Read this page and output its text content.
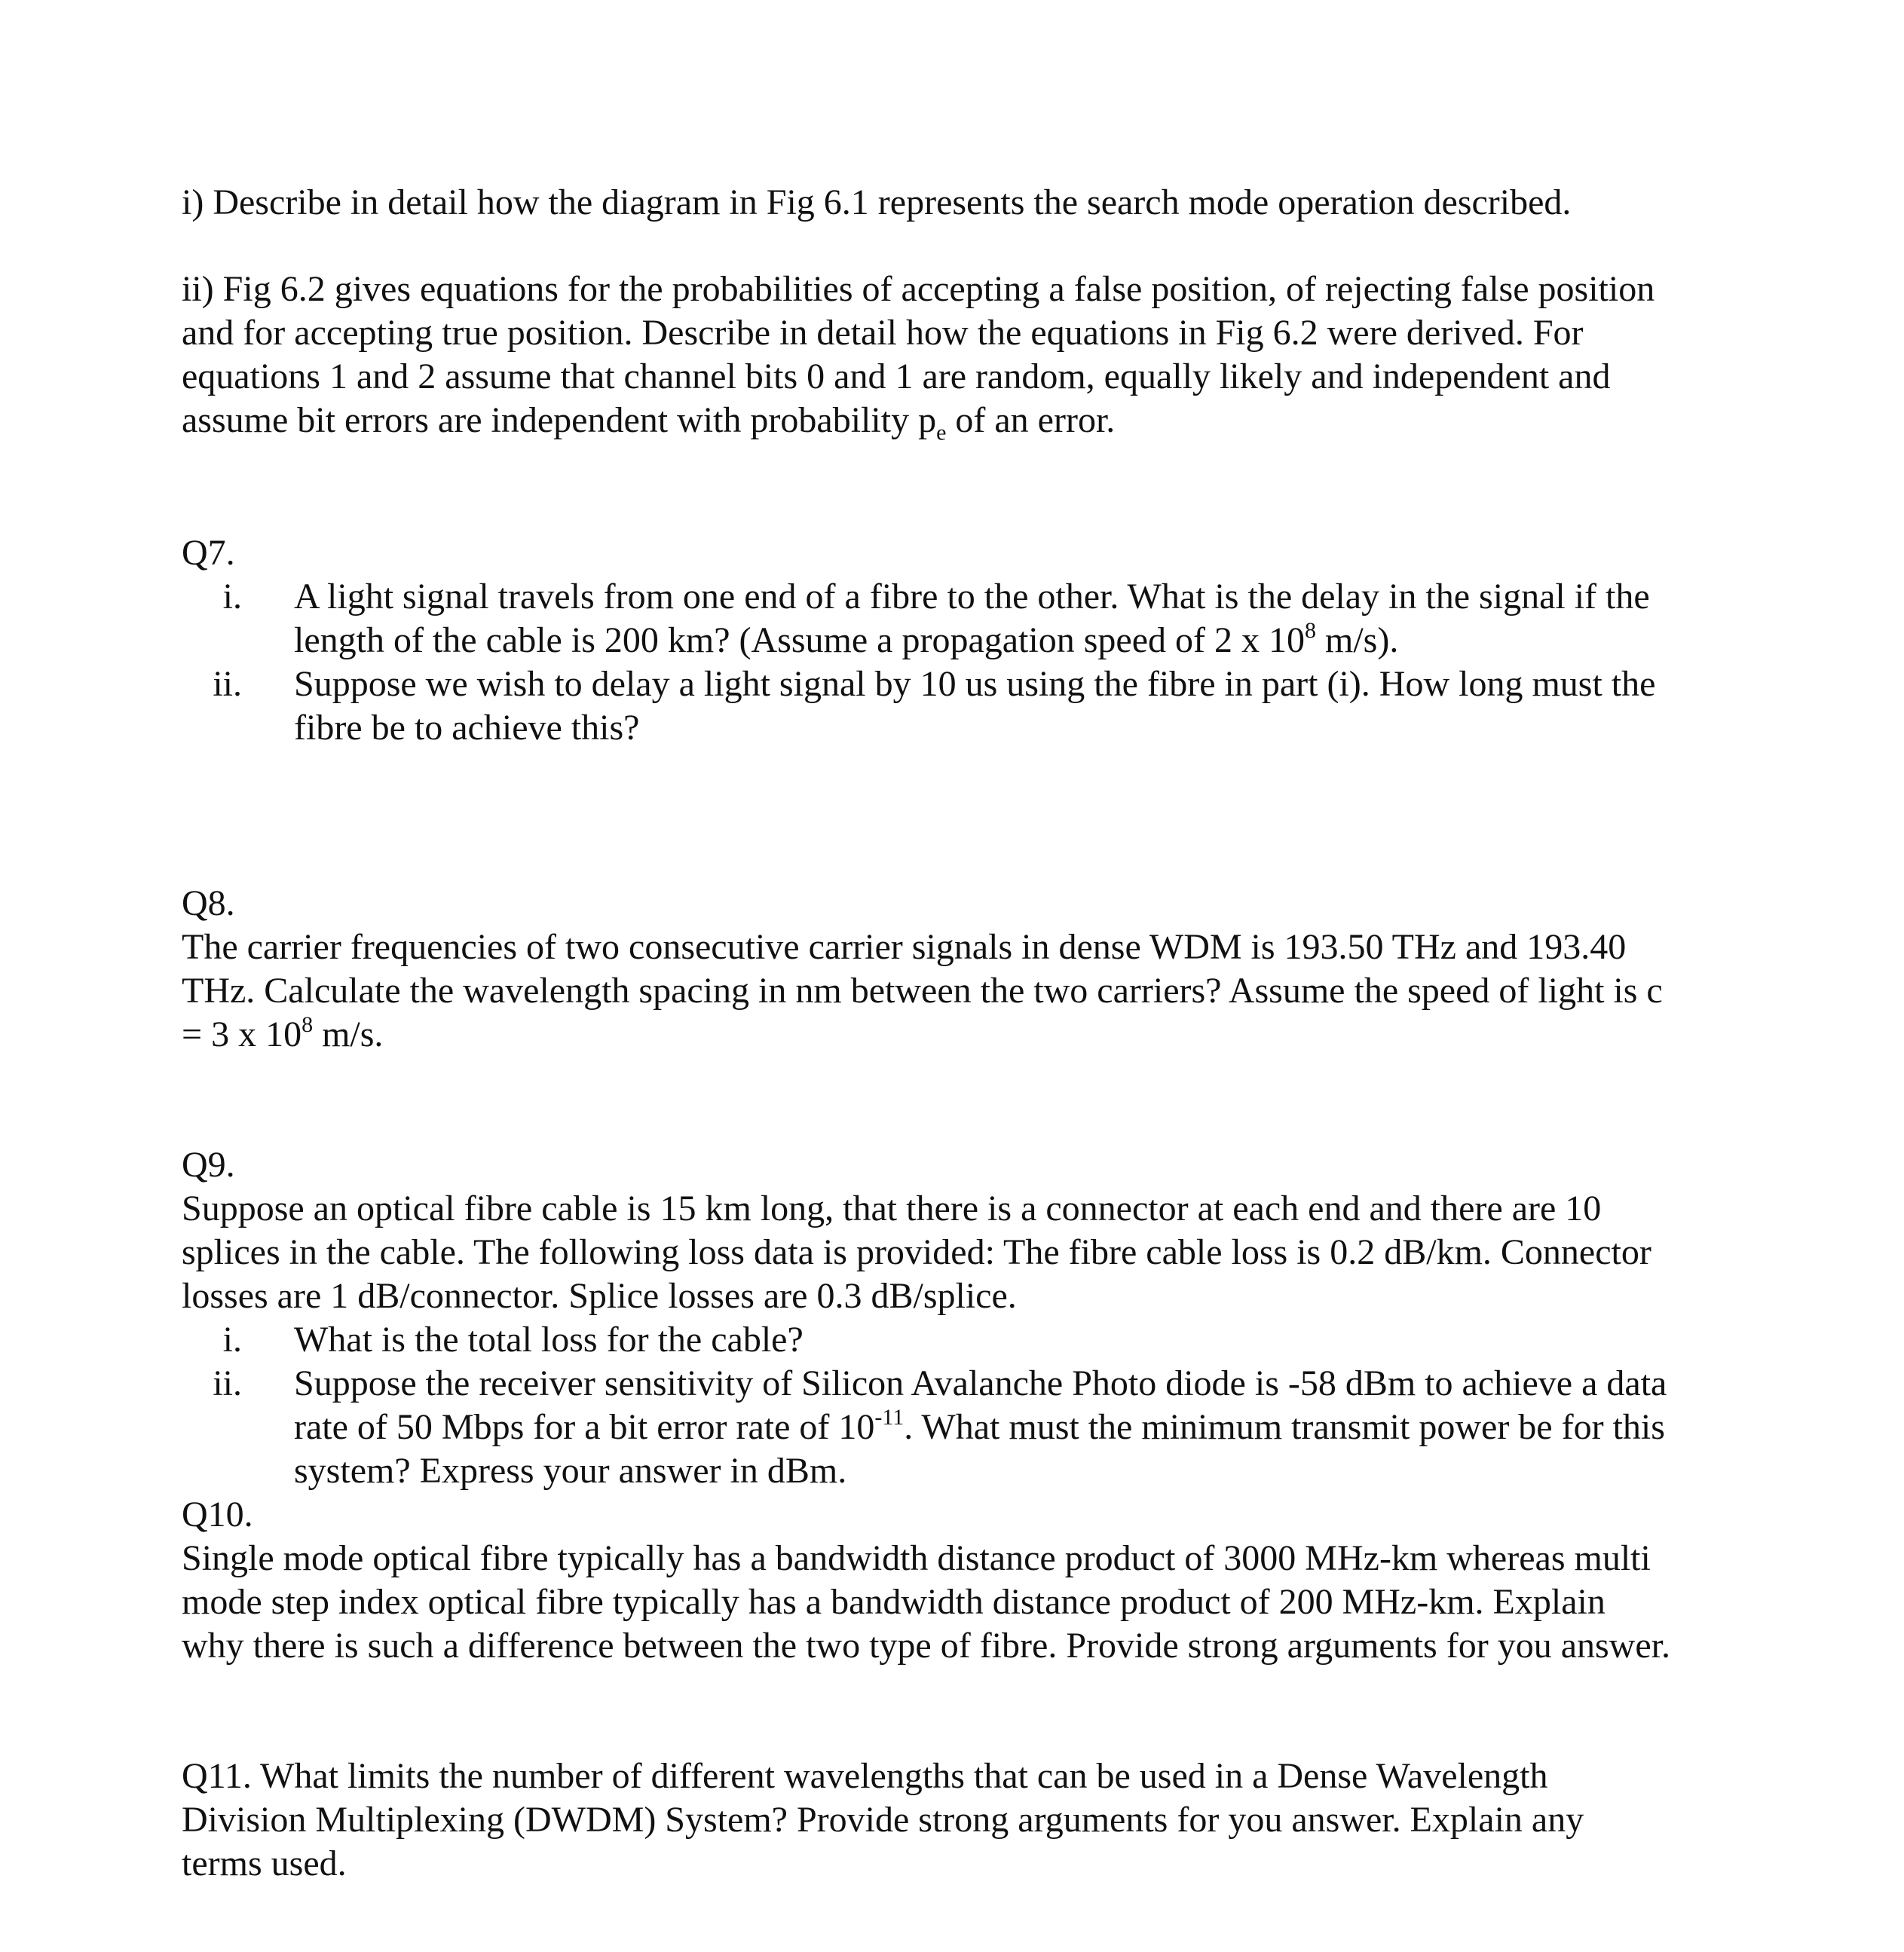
i) Describe in detail how the diagram in Fig 6.1 represents the search mode operation described.
ii) Fig 6.2 gives equations for the probabilities of accepting a false position, of rejecting false position
and for accepting true position. Describe in detail how the equations in Fig 6.2 were derived. For
equations 1 and 2 assume that channel bits 0 and 1 are random, equally likely and independent and
assume bit errors are independent with probability $p_e$ of an error.
Q7.
i. A light signal travels from one end of a fibre to the other. What is the delay in the signal if the
length of the cable is 200 km? (Assume a propagation speed of 2 x $10^8$ m/s).
ii. Suppose we wish to delay a light signal by 10 us using the fibre in part (i). How long must the
fibre be to achieve this?
Q8.
The carrier frequencies of two consecutive carrier signals in dense WDM is 193.50 THz and 193.40
THz. Calculate the wavelength spacing in nm between the two carriers? Assume the speed of light is c
= 3 x $10^8$ m/s.
Q9.
Suppose an optical fibre cable is 15 km long, that there is a connector at each end and there are 10
splices in the cable. The following loss data is provided: The fibre cable loss is 0.2 dB/km. Connector
losses are 1 dB/connector. Splice losses are 0.3 dB/splice.
i. What is the total loss for the cable?
ii. Suppose the receiver sensitivity of Silicon Avalanche Photo diode is -58 dBm to achieve a data
rate of 50 Mbps for a bit error rate of $10^{-11}$. What must the minimum transmit power be for this
system? Express your answer in dBm.
Q10.
Single mode optical fibre typically has a bandwidth distance product of 3000 MHz-km whereas multi
mode step index optical fibre typically has a bandwidth distance product of 200 MHz-km. Explain
why there is such a difference between the two type of fibre. Provide strong arguments for you answer.
Q11. What limits the number of different wavelengths that can be used in a Dense Wavelength
Division Multiplexing (DWDM) System? Provide strong arguments for you answer. Explain any
terms used.
